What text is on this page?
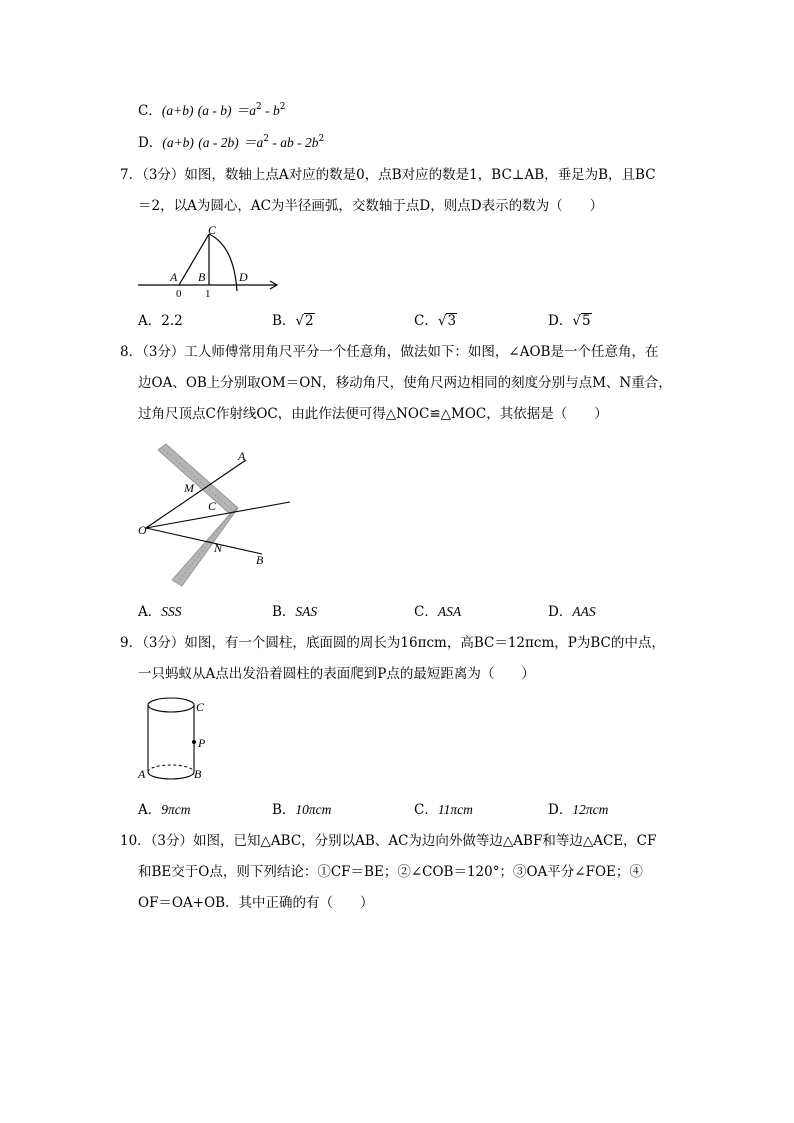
C．(a+b) $(a - b) =a^2 - b^2$
D．(a+b) $(a - 2b) =a^2$ - ab - $2b^2$
7．（3分）如图，数轴上点A对应的数是0，点B对应的数是1，BC⊥AB，垂足为B，且BC
＝2，以A为圆心，AC为半径画弧，交数轴于点D，则点D表示的数为（　　）
C
A B	D
0 1
A．2.2	B．√2	C．√3	D．√5
8．（3分）工人师傅常用角尺平分一个任意角，做法如下：如图，∠AOB是一个任意角，在
边OA、OB上分别取OM＝ON，移动角尺，使角尺两边相同的刻度分别与点M、N重合，
过角尺顶点C作射线OC，由此作法便可得△NOC≌△MOC，其依据是（　　）
A
M
C
O
N
B
A．SSS	B．SAS	C．ASA	D．AAS
9．（3分）如图，有一个圆柱，底面圆的周长为16πcm，高BC＝12πcm，P为BC的中点，
一只蚂蚁从A点出发沿着圆柱的表面爬到P点的最短距离为（　　）
C
P
A	B
A．9πcm	B．10πcm	C．11πcm	D．12πcm
10．（3分）如图，已知△ABC，分别以AB、AC为边向外做等边△ABF和等边△ACE，CF
和BE交于O点，则下列结论：①CF＝BE；②∠COB＝120°；③OA平分∠FOE；④
OF＝OA+OB．其中正确的有（　　）
